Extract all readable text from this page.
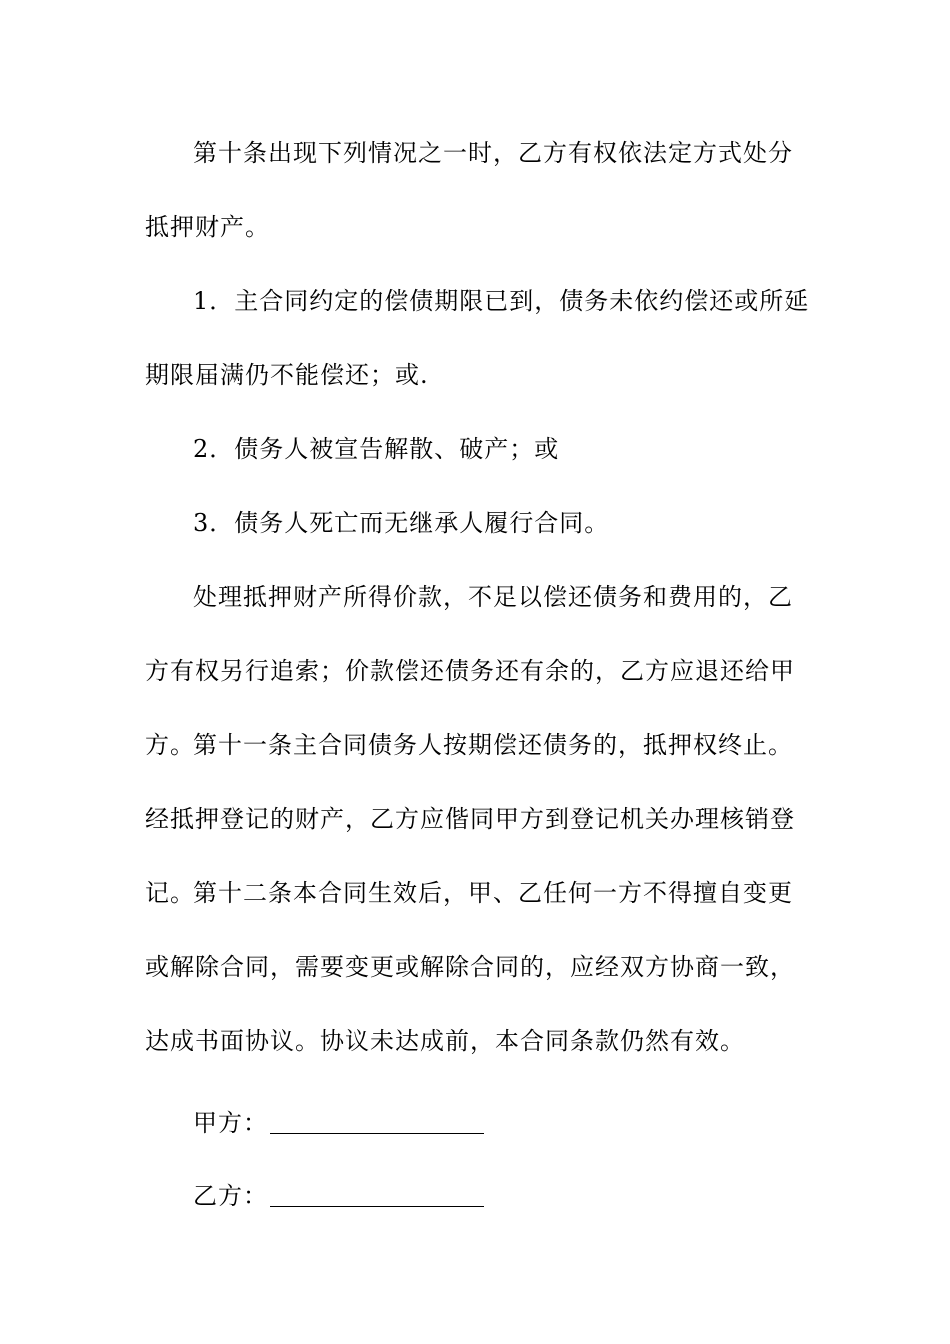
第十条出现下列情况之一时，乙方有权依法定方式处分抵押财产。

1．主合同约定的偿债期限已到，债务未依约偿还或所延期限届满仍不能偿还；或.

2．债务人被宣告解散、破产；或

3．债务人死亡而无继承人履行合同。

处理抵押财产所得价款，不足以偿还债务和费用的，乙方有权另行追索；价款偿还债务还有余的，乙方应退还给甲方。

第十一条主合同债务人按期偿还债务的，抵押权终止。经抵押登记的财产，乙方应偕同甲方到登记机关办理核销登记。

第十二条本合同生效后，甲、乙任何一方不得擅自变更或解除合同，需要变更或解除合同的，应经双方协商一致，达成书面协议。协议未达成前，本合同条款仍然有效。

甲方：
乙方：
